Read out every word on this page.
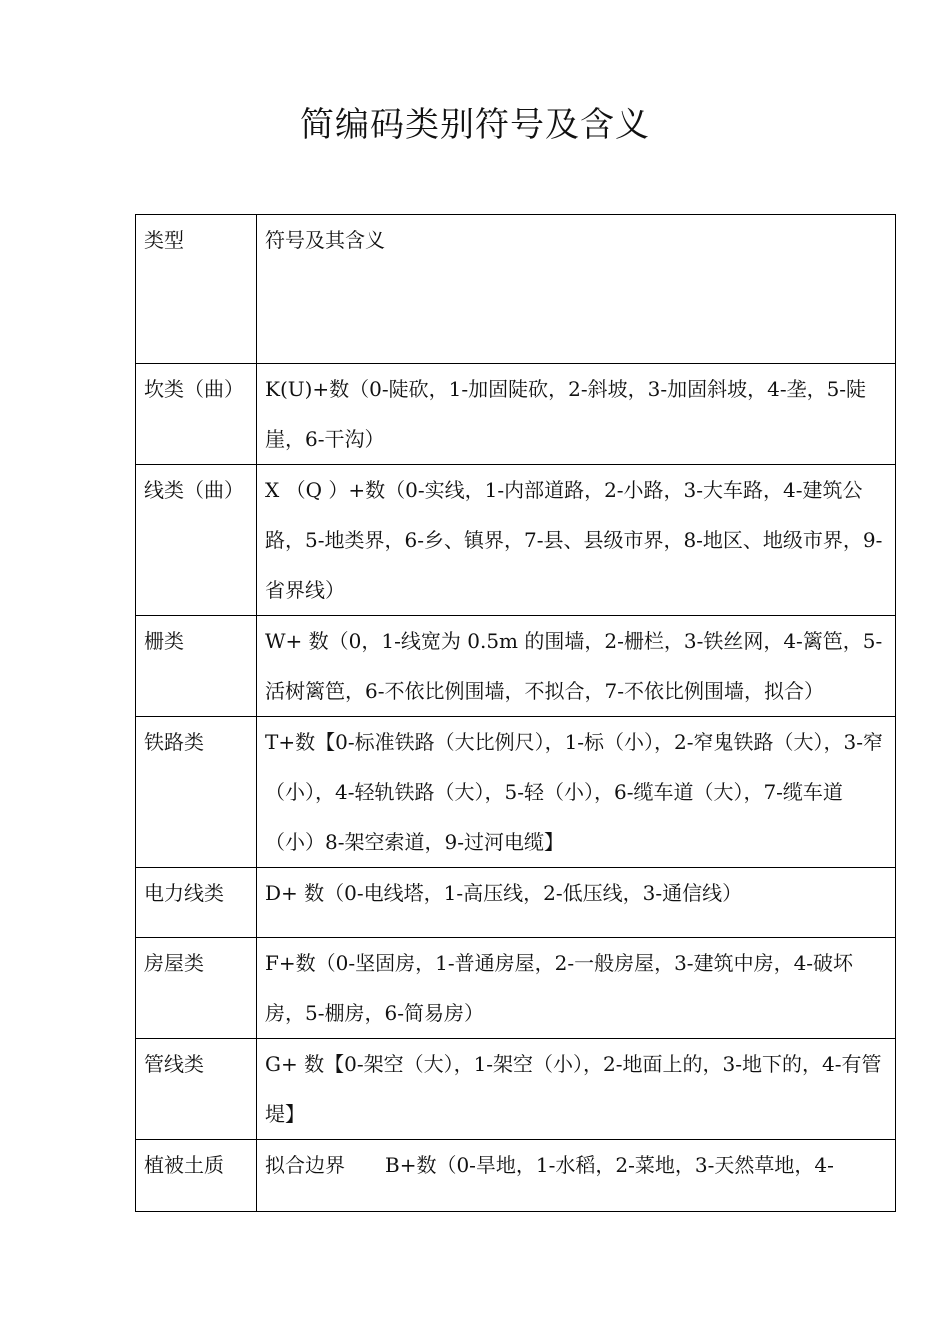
简编码类别符号及含义
类型	符号及其含义
坎类（曲）	K(U)+数（0-陡砍，1-加固陡砍，2-斜坡，3-加固斜坡，4-垄，5-陡崖，6-干沟）
线类（曲）	X （Q ）+数（0-实线，1-内部道路，2-小路，3-大车路，4-建筑公路，5-地类界，6-乡、镇界，7-县、县级市界，8-地区、地级市界，9-省界线）
栅类	W+ 数（0，1-线宽为 0.5m 的围墙，2-栅栏，3-铁丝网，4-篱笆，5-活树篱笆，6-不依比例围墙，不拟合，7-不依比例围墙，拟合）
铁路类	T+数【0-标准铁路（大比例尺），1-标（小），2-窄鬼铁路（大），3-窄（小），4-轻轨铁路（大），5-轻（小），6-缆车道（大），7-缆车道（小）8-架空索道，9-过河电缆】
电力线类	D+ 数（0-电线塔，1-高压线，2-低压线，3-通信线）
房屋类	F+数（0-坚固房，1-普通房屋，2-一般房屋，3-建筑中房，4-破坏房，5-棚房，6-简易房）
管线类	G+ 数【0-架空（大），1-架空（小），2-地面上的，3-地下的，4-有管堤】
植被土质	拟合边界　　B+数（0-旱地，1-水稻，2-菜地，3-天然草地，4-
